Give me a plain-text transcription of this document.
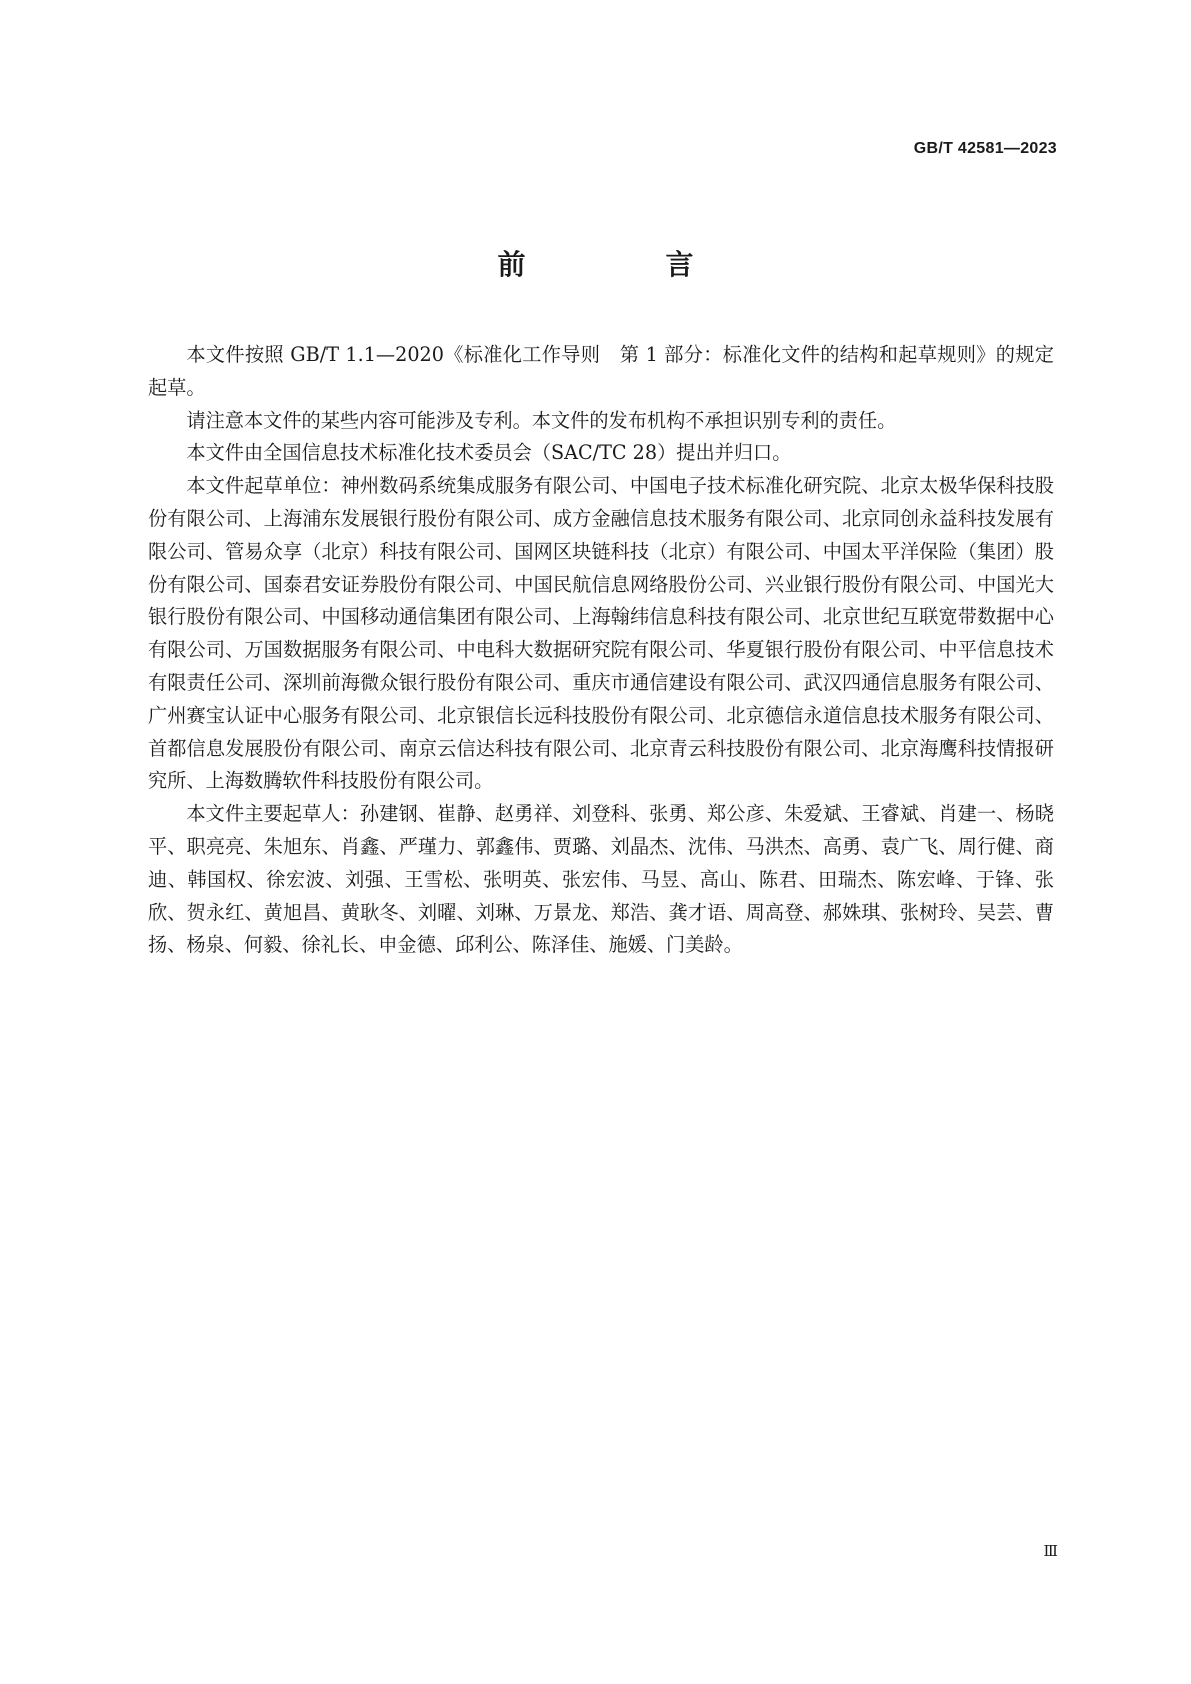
GB/T 42581—2023
前　言

本文件按照 GB/T 1.1—2020《标准化工作导则　第 1 部分：标准化文件的结构和起草规则》的规定起草。

请注意本文件的某些内容可能涉及专利。本文件的发布机构不承担识别专利的责任。

本文件由全国信息技术标准化技术委员会（SAC/TC 28）提出并归口。

本文件起草单位：神州数码系统集成服务有限公司、中国电子技术标准化研究院、北京太极华保科技股份有限公司、上海浦东发展银行股份有限公司、成方金融信息技术服务有限公司、北京同创永益科技发展有限公司、管易众享（北京）科技有限公司、国网区块链科技（北京）有限公司、中国太平洋保险（集团）股份有限公司、国泰君安证券股份有限公司、中国民航信息网络股份公司、兴业银行股份有限公司、中国光大银行股份有限公司、中国移动通信集团有限公司、上海翰纬信息科技有限公司、北京世纪互联宽带数据中心有限公司、万国数据服务有限公司、中电科大数据研究院有限公司、华夏银行股份有限公司、中平信息技术有限责任公司、深圳前海微众银行股份有限公司、重庆市通信建设有限公司、武汉四通信息服务有限公司、广州赛宝认证中心服务有限公司、北京银信长远科技股份有限公司、北京德信永道信息技术服务有限公司、首都信息发展股份有限公司、南京云信达科技有限公司、北京青云科技股份有限公司、北京海鹰科技情报研究所、上海数腾软件科技股份有限公司。

本文件主要起草人：孙建钢、崔静、赵勇祥、刘登科、张勇、郑公彦、朱爱斌、王睿斌、肖建一、杨晓平、职亮亮、朱旭东、肖鑫、严瑾力、郭鑫伟、贾璐、刘晶杰、沈伟、马洪杰、高勇、袁广飞、周行健、商迪、韩国权、徐宏波、刘强、王雪松、张明英、张宏伟、马昱、高山、陈君、田瑞杰、陈宏峰、于锋、张欣、贺永红、黄旭昌、黄耿冬、刘曜、刘琳、万景龙、郑浩、龚才语、周高登、郝姝琪、张树玲、吴芸、曹扬、杨泉、何毅、徐礼长、申金德、邱利公、陈泽佳、施媛、门美龄。

Ⅲ
